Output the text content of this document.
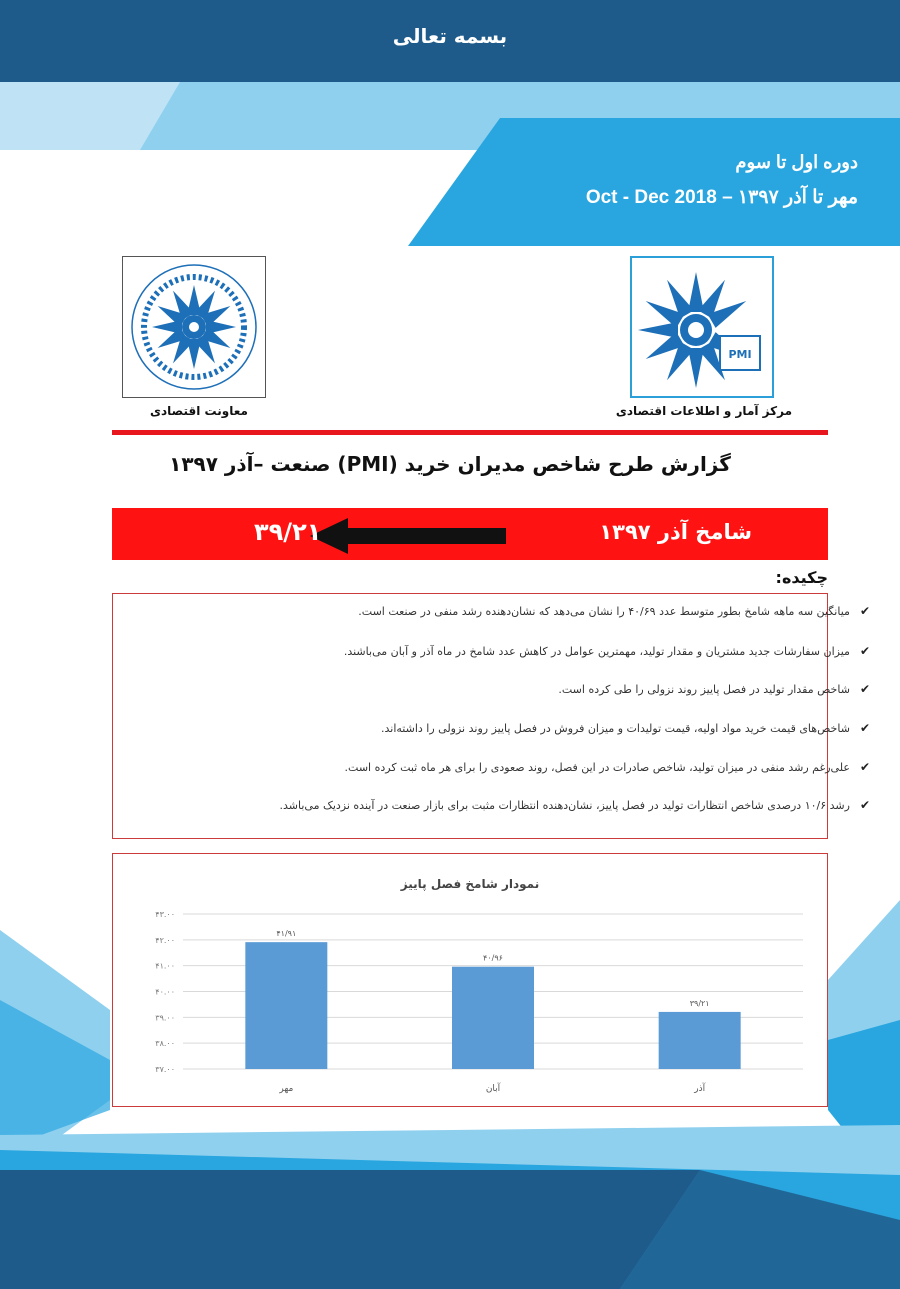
بسمه تعالی
دوره اول تا سوم
Oct - Dec 2018 – مهر تا آذر ۱۳۹۷
PMI
مرکز آمار و اطلاعات اقتصادی
معاونت اقتصادی
گزارش طرح شاخص مدیران خرید (PMI) صنعت –آذر ۱۳۹۷
شامخ آذر ۱۳۹۷
۳۹/۲۱
چکیده:
✔میانگین سه ماهه شامخ بطور متوسط عدد ۴۰/۶۹ را نشان می‌دهد که نشان‌دهنده رشد منفی در صنعت است.
✔میزان سفارشات جدید مشتریان و مقدار تولید، مهمترین عوامل در کاهش عدد شامخ در ماه آذر و آبان می‌باشند.
✔شاخص مقدار تولید در فصل پاییز روند نزولی را طی کرده است.
✔شاخص‌های قیمت خرید مواد اولیه، قیمت تولیدات و میزان فروش در فصل پاییز روند نزولی را داشته‌اند.
✔علی‌رغم رشد منفی در میزان تولید، شاخص صادرات در این فصل، روند صعودی را برای هر ماه ثبت کرده است.
✔رشد ۱۰/۶ درصدی شاخص انتظارات تولید در فصل پاییز، نشان‌دهنده انتظارات مثبت برای بازار صنعت در آینده نزدیک می‌باشد.
نمودار شامخ فصل پاییز
۳۷.۰۰
۳۸.۰۰
۳۹.۰۰
۴۰.۰۰
۴۱.۰۰
۴۲.۰۰
۴۳.۰۰
۴۱/۹۱
مهر
۴۰/۹۶
آبان
۳۹/۲۱
آذر
